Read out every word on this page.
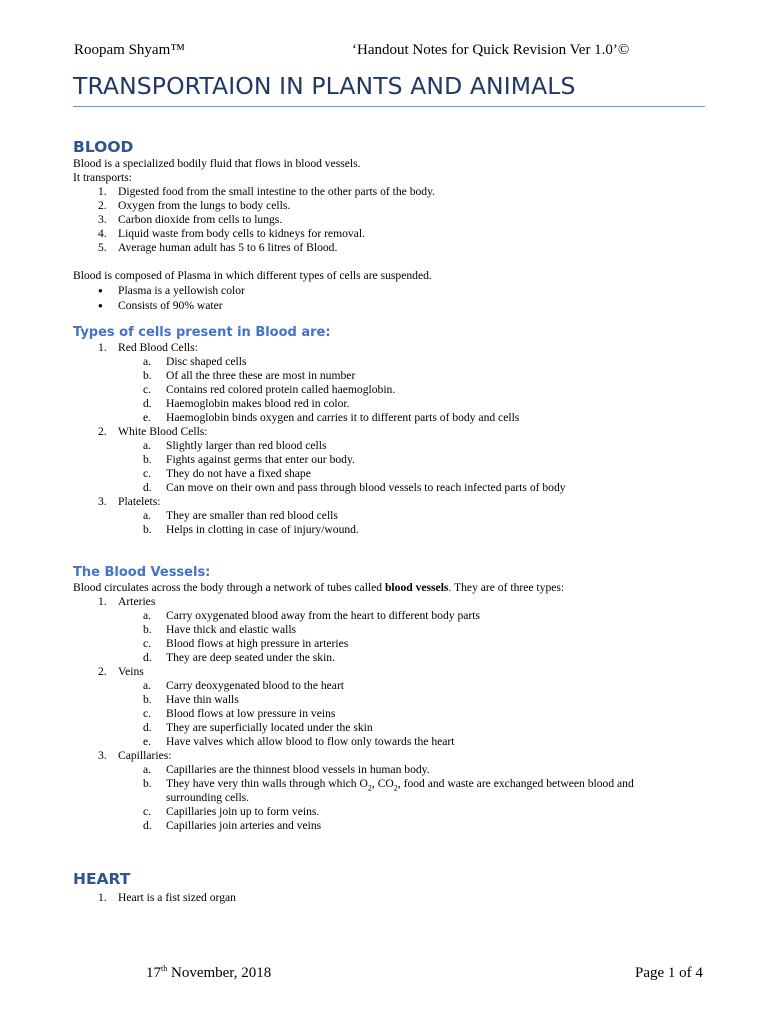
Roopam Shyam™	‘Handout Notes for Quick Revision Ver 1.0’©
TRANSPORTAION IN PLANTS AND ANIMALS
BLOOD
Blood is a specialized bodily fluid that flows in blood vessels.
It transports:
1. Digested food from the small intestine to the other parts of the body.
2. Oxygen from the lungs to body cells.
3. Carbon dioxide from cells to lungs.
4. Liquid waste from body cells to kidneys for removal.
5. Average human adult has 5 to 6 litres of Blood.
Blood is composed of Plasma in which different types of cells are suspended.
● Plasma is a yellowish color
● Consists of 90% water
Types of cells present in Blood are:
1. Red Blood Cells:
a. Disc shaped cells
b. Of all the three these are most in number
c. Contains red colored protein called haemoglobin.
d. Haemoglobin makes blood red in color.
e. Haemoglobin binds oxygen and carries it to different parts of body and cells
2. White Blood Cells:
a. Slightly larger than red blood cells
b. Fights against germs that enter our body.
c. They do not have a fixed shape
d. Can move on their own and pass through blood vessels to reach infected parts of body
3. Platelets:
a. They are smaller than red blood cells
b. Helps in clotting in case of injury/wound.
The Blood Vessels:
Blood circulates across the body through a network of tubes called blood vessels. They are of three types:
1. Arteries
a. Carry oxygenated blood away from the heart to different body parts
b. Have thick and elastic walls
c. Blood flows at high pressure in arteries
d. They are deep seated under the skin.
2. Veins
a. Carry deoxygenated blood to the heart
b. Have thin walls
c. Blood flows at low pressure in veins
d. They are superficially located under the skin
e. Have valves which allow blood to flow only towards the heart
3. Capillaries:
a. Capillaries are the thinnest blood vessels in human body.
b. They have very thin walls through which $O_2$, $CO_2$, food and waste are exchanged between blood and surrounding cells.
c. Capillaries join up to form veins.
d. Capillaries join arteries and veins
HEART
1. Heart is a fist sized organ
17th November, 2018	Page 1 of 4
